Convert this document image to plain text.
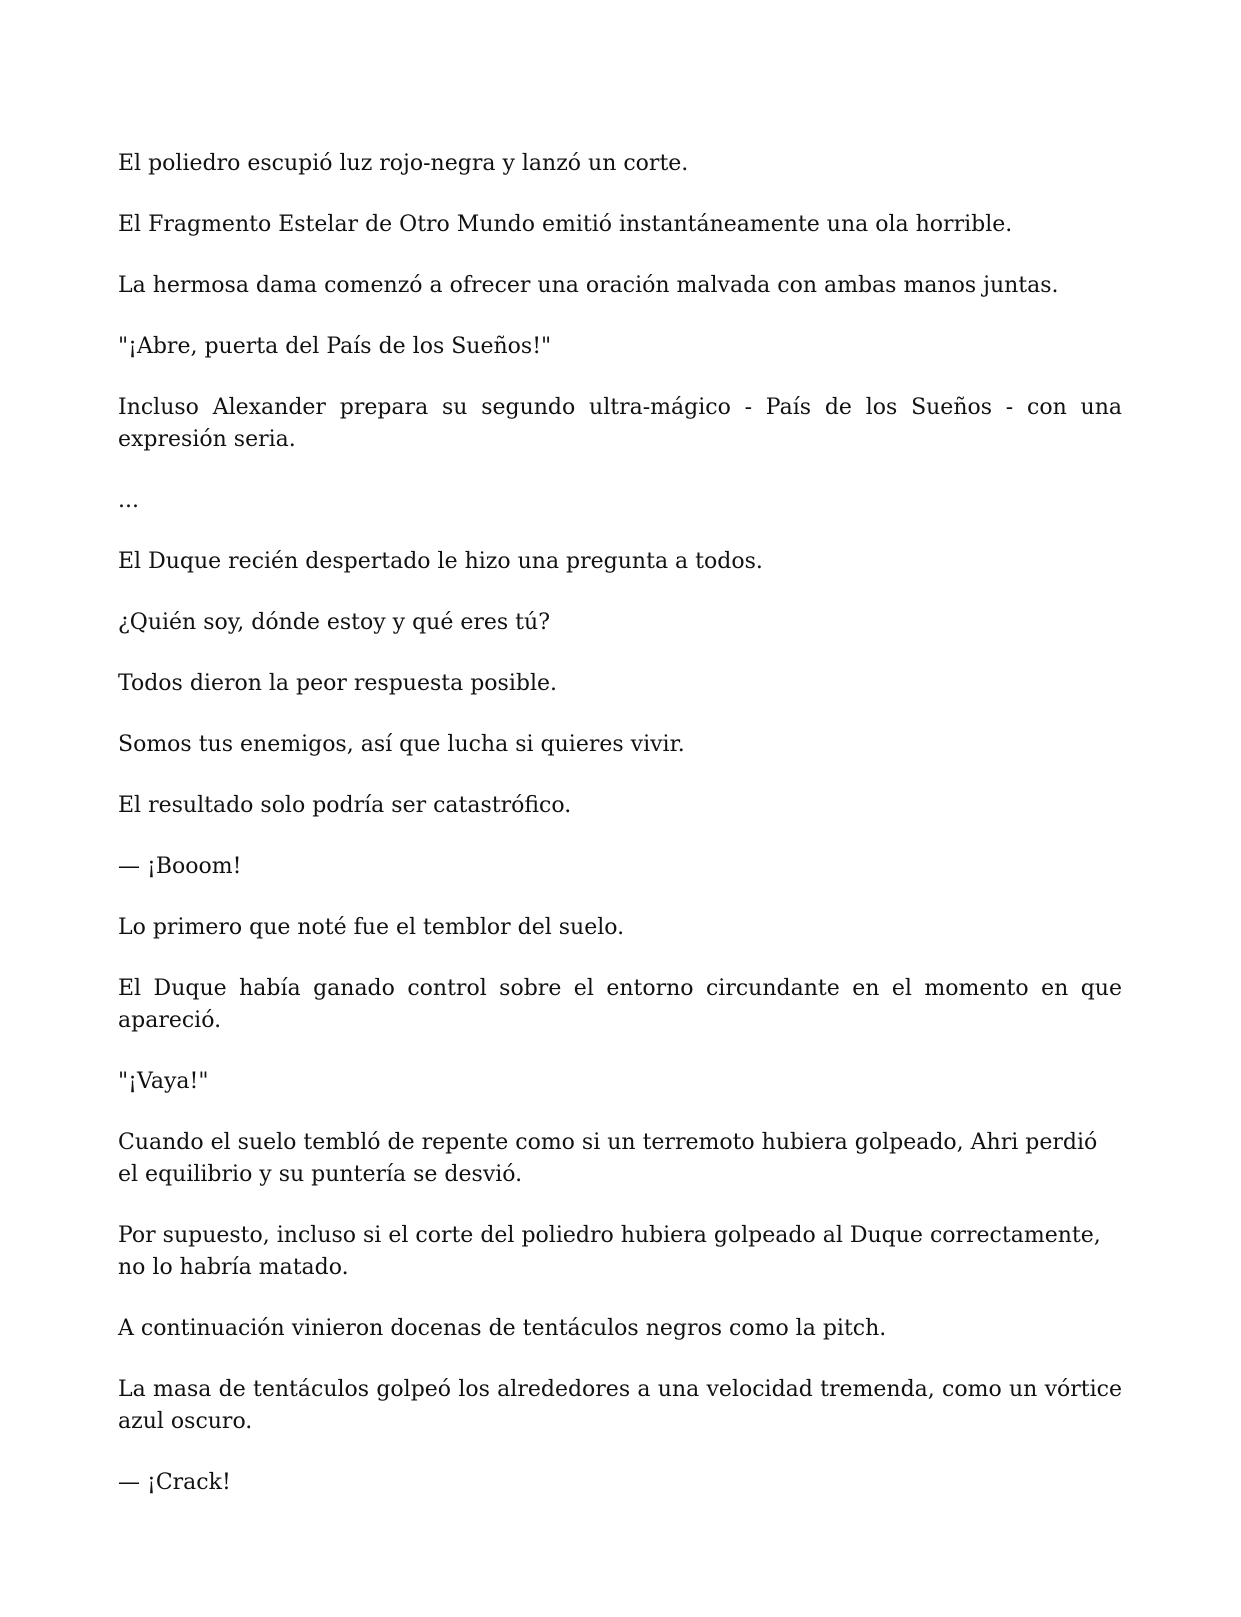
El poliedro escupió luz rojo-negra y lanzó un corte.

El Fragmento Estelar de Otro Mundo emitió instantáneamente una ola horrible.

La hermosa dama comenzó a ofrecer una oración malvada con ambas manos juntas.

"¡Abre, puerta del País de los Sueños!"

Incluso Alexander prepara su segundo ultra-mágico - País de los Sueños - con una expresión seria.

...

El Duque recién despertado le hizo una pregunta a todos.

¿Quién soy, dónde estoy y qué eres tú?

Todos dieron la peor respuesta posible.

Somos tus enemigos, así que lucha si quieres vivir.

El resultado solo podría ser catastrófico.

— ¡Booom!

Lo primero que noté fue el temblor del suelo.

El Duque había ganado control sobre el entorno circundante en el momento en que apareció.

"¡Vaya!"

Cuando el suelo tembló de repente como si un terremoto hubiera golpeado, Ahri perdió el equilibrio y su puntería se desvió.

Por supuesto, incluso si el corte del poliedro hubiera golpeado al Duque correctamente, no lo habría matado.

A continuación vinieron docenas de tentáculos negros como la pitch.

La masa de tentáculos golpeó los alrededores a una velocidad tremenda, como un vórtice azul oscuro.

— ¡Crack!
